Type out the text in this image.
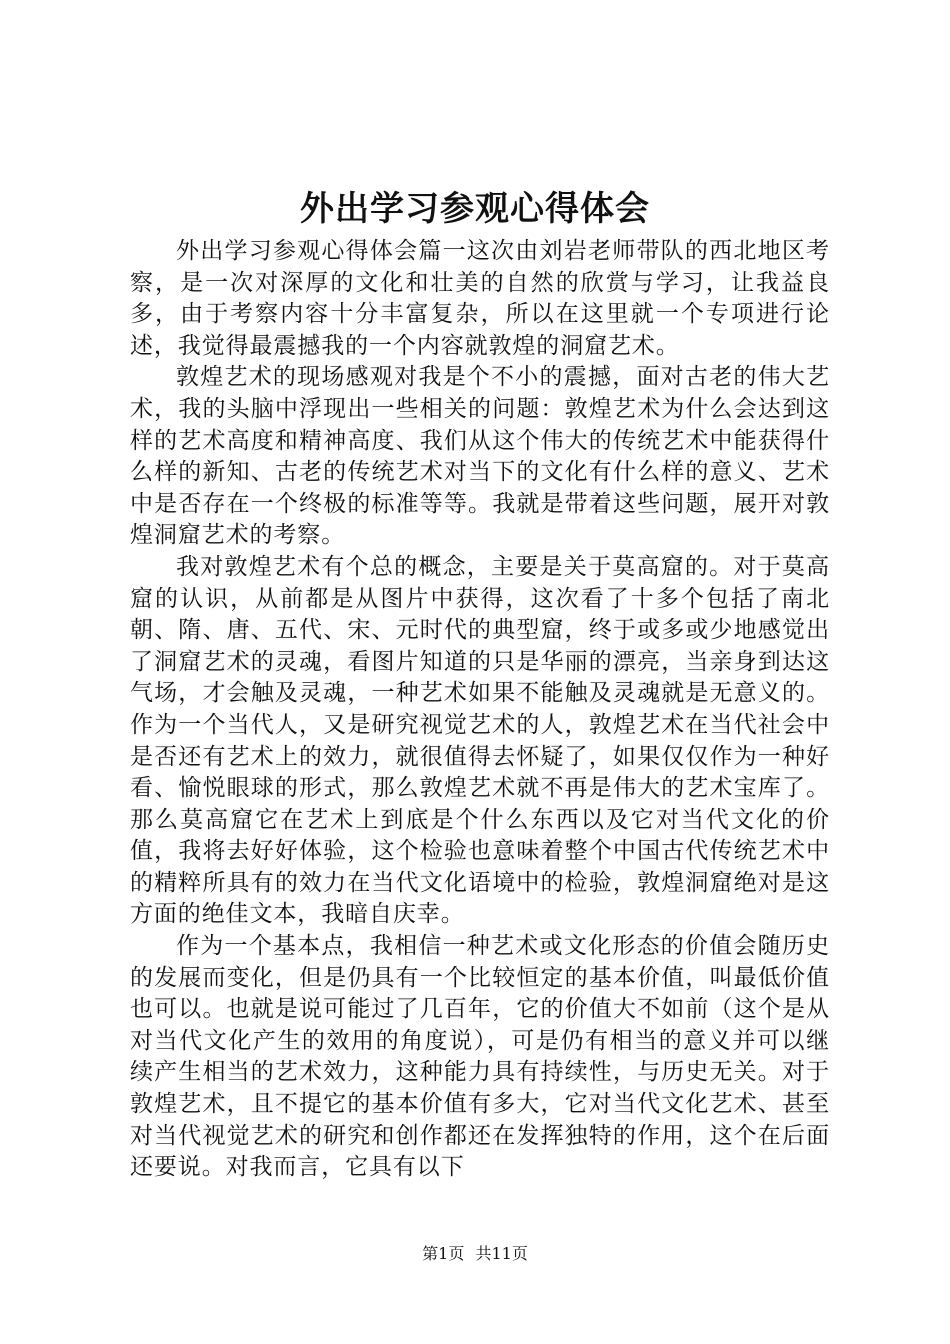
外出学习参观心得体会

外出学习参观心得体会篇一这次由刘岩老师带队的西北地区考察，是一次对深厚的文化和壮美的自然的欣赏与学习，让我益良多，由于考察内容十分丰富复杂，所以在这里就一个专项进行论述，我觉得最震撼我的一个内容就敦煌的洞窟艺术。

敦煌艺术的现场感观对我是个不小的震撼，面对古老的伟大艺术，我的头脑中浮现出一些相关的问题：敦煌艺术为什么会达到这样的艺术高度和精神高度、我们从这个伟大的传统艺术中能获得什么样的新知、古老的传统艺术对当下的文化有什么样的意义、艺术中是否存在一个终极的标准等等。我就是带着这些问题，展开对敦煌洞窟艺术的考察。

我对敦煌艺术有个总的概念，主要是关于莫高窟的。对于莫高窟的认识，从前都是从图片中获得，这次看了十多个包括了南北朝、隋、唐、五代、宋、元时代的典型窟，终于或多或少地感觉出了洞窟艺术的灵魂，看图片知道的只是华丽的漂亮，当亲身到达这气场，才会触及灵魂，一种艺术如果不能触及灵魂就是无意义的。作为一个当代人，又是研究视觉艺术的人，敦煌艺术在当代社会中是否还有艺术上的效力，就很值得去怀疑了，如果仅仅作为一种好看、愉悦眼球的形式，那么敦煌艺术就不再是伟大的艺术宝库了。那么莫高窟它在艺术上到底是个什么东西以及它对当代文化的价值，我将去好好体验，这个检验也意味着整个中国古代传统艺术中的精粹所具有的效力在当代文化语境中的检验，敦煌洞窟绝对是这方面的绝佳文本，我暗自庆幸。

作为一个基本点，我相信一种艺术或文化形态的价值会随历史的发展而变化，但是仍具有一个比较恒定的基本价值，叫最低价值也可以。也就是说可能过了几百年，它的价值大不如前（这个是从对当代文化产生的效用的角度说），可是仍有相当的意义并可以继续产生相当的艺术效力，这种能力具有持续性，与历史无关。对于敦煌艺术，且不提它的基本价值有多大，它对当代文化艺术、甚至对当代视觉艺术的研究和创作都还在发挥独特的作用，这个在后面还要说。对我而言，它具有以下

第1页 共11页
